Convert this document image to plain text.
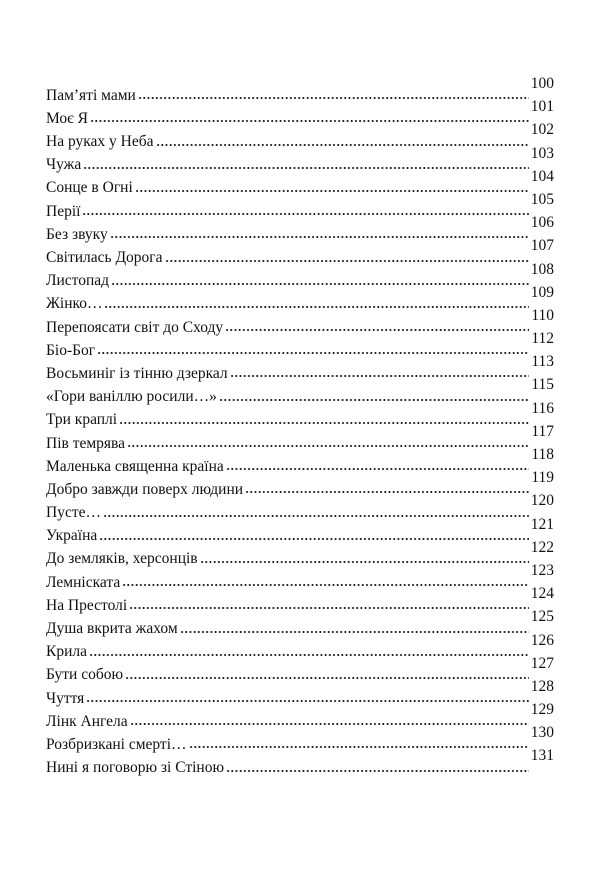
Пам’яті мами
100
Моє Я
101
На руках у Неба
102
Чужа
103
Сонце в Огні
104
Перії
105
Без звуку
106
Світилась Дорога
107
Листопад
108
Жінко…
109
Перепоясати світ до Сходу
110
Біо-Бог
112
Восьминіг із тінню дзеркал
113
«Гори ваніллю росили…»
115
Три краплі
116
Пів темрява
117
Маленька священна країна
118
Добро завжди поверх людини
119
Пусте…
120
Україна
121
До земляків, херсонців
122
Лемніската
123
На Престолі
124
Душа вкрита жахом
125
Крила
126
Бути собою
127
Чуття
128
Лінк Ангела
129
Розбризкані смерті…
130
Нині я поговорю зі Стіною
131
